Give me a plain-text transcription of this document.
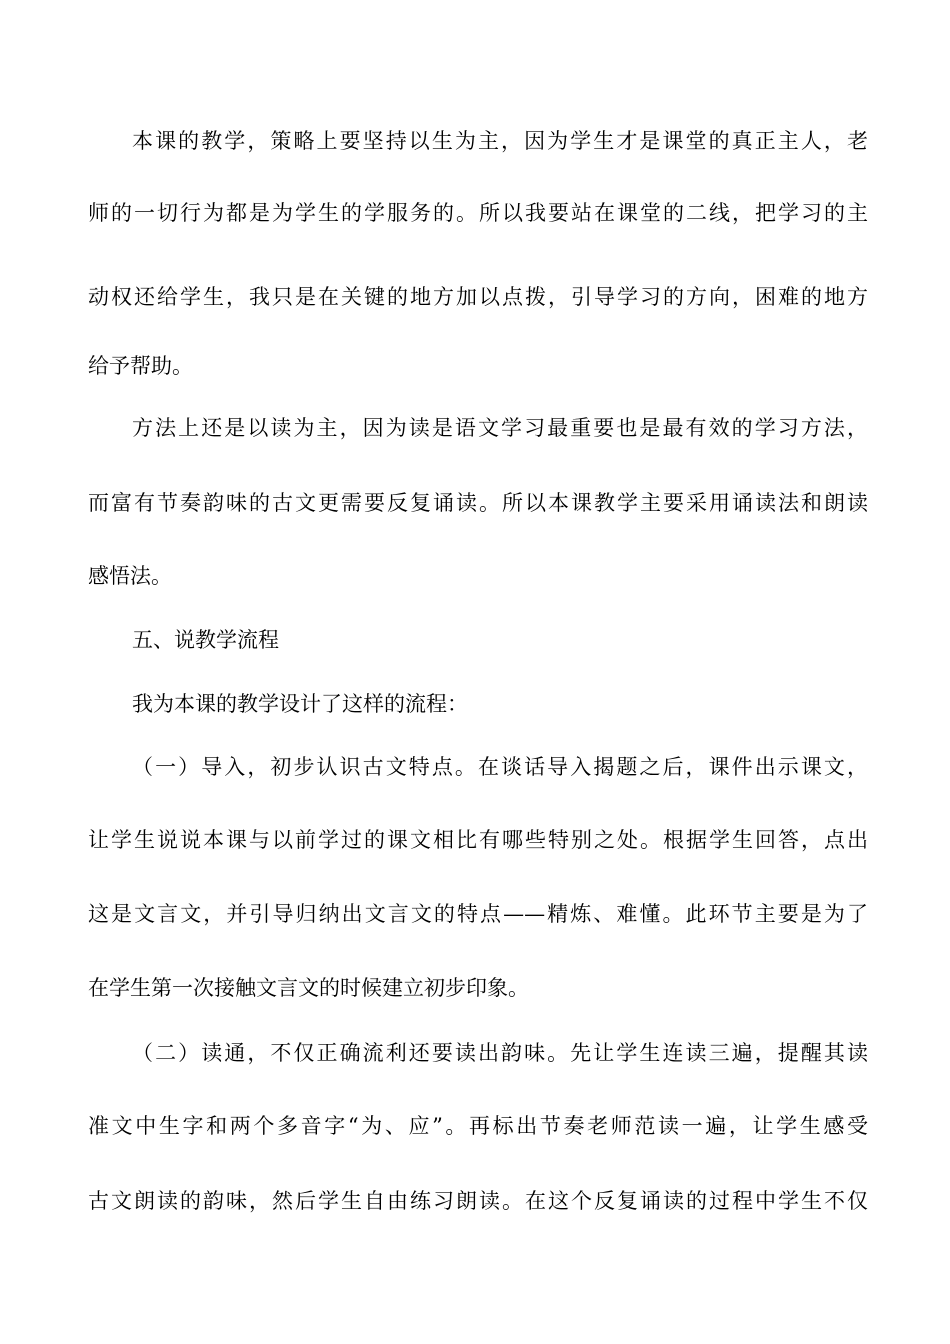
本课的教学，策略上要坚持以生为主，因为学生才是课堂的真正主人，老
师的一切行为都是为学生的学服务的。所以我要站在课堂的二线，把学习的主
动权还给学生，我只是在关键的地方加以点拨，引导学习的方向，困难的地方
给予帮助。
方法上还是以读为主，因为读是语文学习最重要也是最有效的学习方法，
而富有节奏韵味的古文更需要反复诵读。所以本课教学主要采用诵读法和朗读
感悟法。
五、说教学流程
我为本课的教学设计了这样的流程：
（一）导入，初步认识古文特点。在谈话导入揭题之后，课件出示课文，
让学生说说本课与以前学过的课文相比有哪些特别之处。根据学生回答，点出
这是文言文，并引导归纳出文言文的特点——精炼、难懂。此环节主要是为了
在学生第一次接触文言文的时候建立初步印象。
（二）读通，不仅正确流利还要读出韵味。先让学生连读三遍，提醒其读
准文中生字和两个多音字“为、应”。再标出节奏老师范读一遍，让学生感受
古文朗读的韵味，然后学生自由练习朗读。在这个反复诵读的过程中学生不仅
